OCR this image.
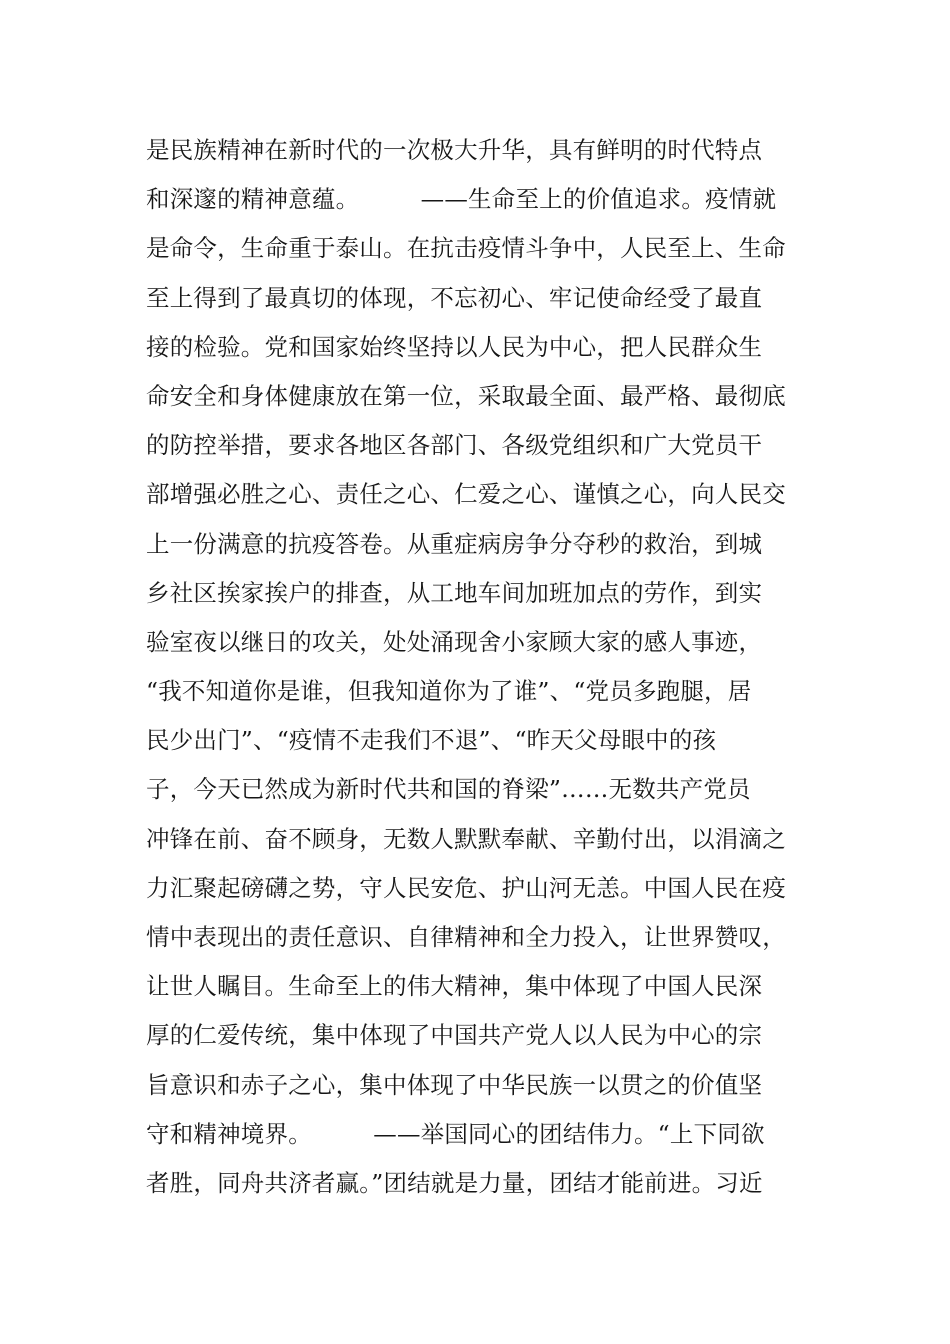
是民族精神在新时代的一次极大升华，具有鲜明的时代特点
和深邃的精神意蕴。        ——生命至上的价值追求。疫情就
是命令，生命重于泰山。在抗击疫情斗争中，人民至上、生命
至上得到了最真切的体现，不忘初心、牢记使命经受了最直
接的检验。党和国家始终坚持以人民为中心，把人民群众生
命安全和身体健康放在第一位，采取最全面、最严格、最彻底
的防控举措，要求各地区各部门、各级党组织和广大党员干
部增强必胜之心、责任之心、仁爱之心、谨慎之心，向人民交
上一份满意的抗疫答卷。从重症病房争分夺秒的救治，到城
乡社区挨家挨户的排查，从工地车间加班加点的劳作，到实
验室夜以继日的攻关，处处涌现舍小家顾大家的感人事迹，
“我不知道你是谁，但我知道你为了谁”、“党员多跑腿，居
民少出门”、“疫情不走我们不退”、“昨天父母眼中的孩
子，今天已然成为新时代共和国的脊梁”……无数共产党员
冲锋在前、奋不顾身，无数人默默奉献、辛勤付出，以涓滴之
力汇聚起磅礴之势，守人民安危、护山河无恙。中国人民在疫
情中表现出的责任意识、自律精神和全力投入，让世界赞叹，
让世人瞩目。生命至上的伟大精神，集中体现了中国人民深
厚的仁爱传统，集中体现了中国共产党人以人民为中心的宗
旨意识和赤子之心，集中体现了中华民族一以贯之的价值坚
守和精神境界。        ——举国同心的团结伟力。“上下同欲
者胜，同舟共济者赢。”团结就是力量，团结才能前进。习近
